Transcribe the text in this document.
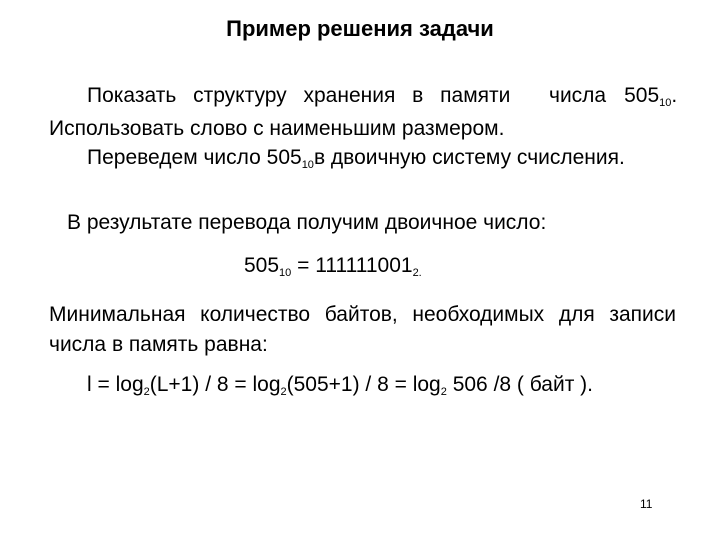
Пример решения задачи
Показать структуру хранения в памяти числа $505_{10}$.
Использовать слово с наименьшим размером.
Переведем число $505_{10}в$ двоичную систему счисления.
В результате перевода получим двоичное число:
$505_{10} = 111111001_{2.}$
Минимальная количество байтов, необходимых для записи
числа в память равна:
$l = \log_2(L+1) / 8 = \log_2(505+1) / 8 = \log_2 506$ /8 ( байт ).
11
